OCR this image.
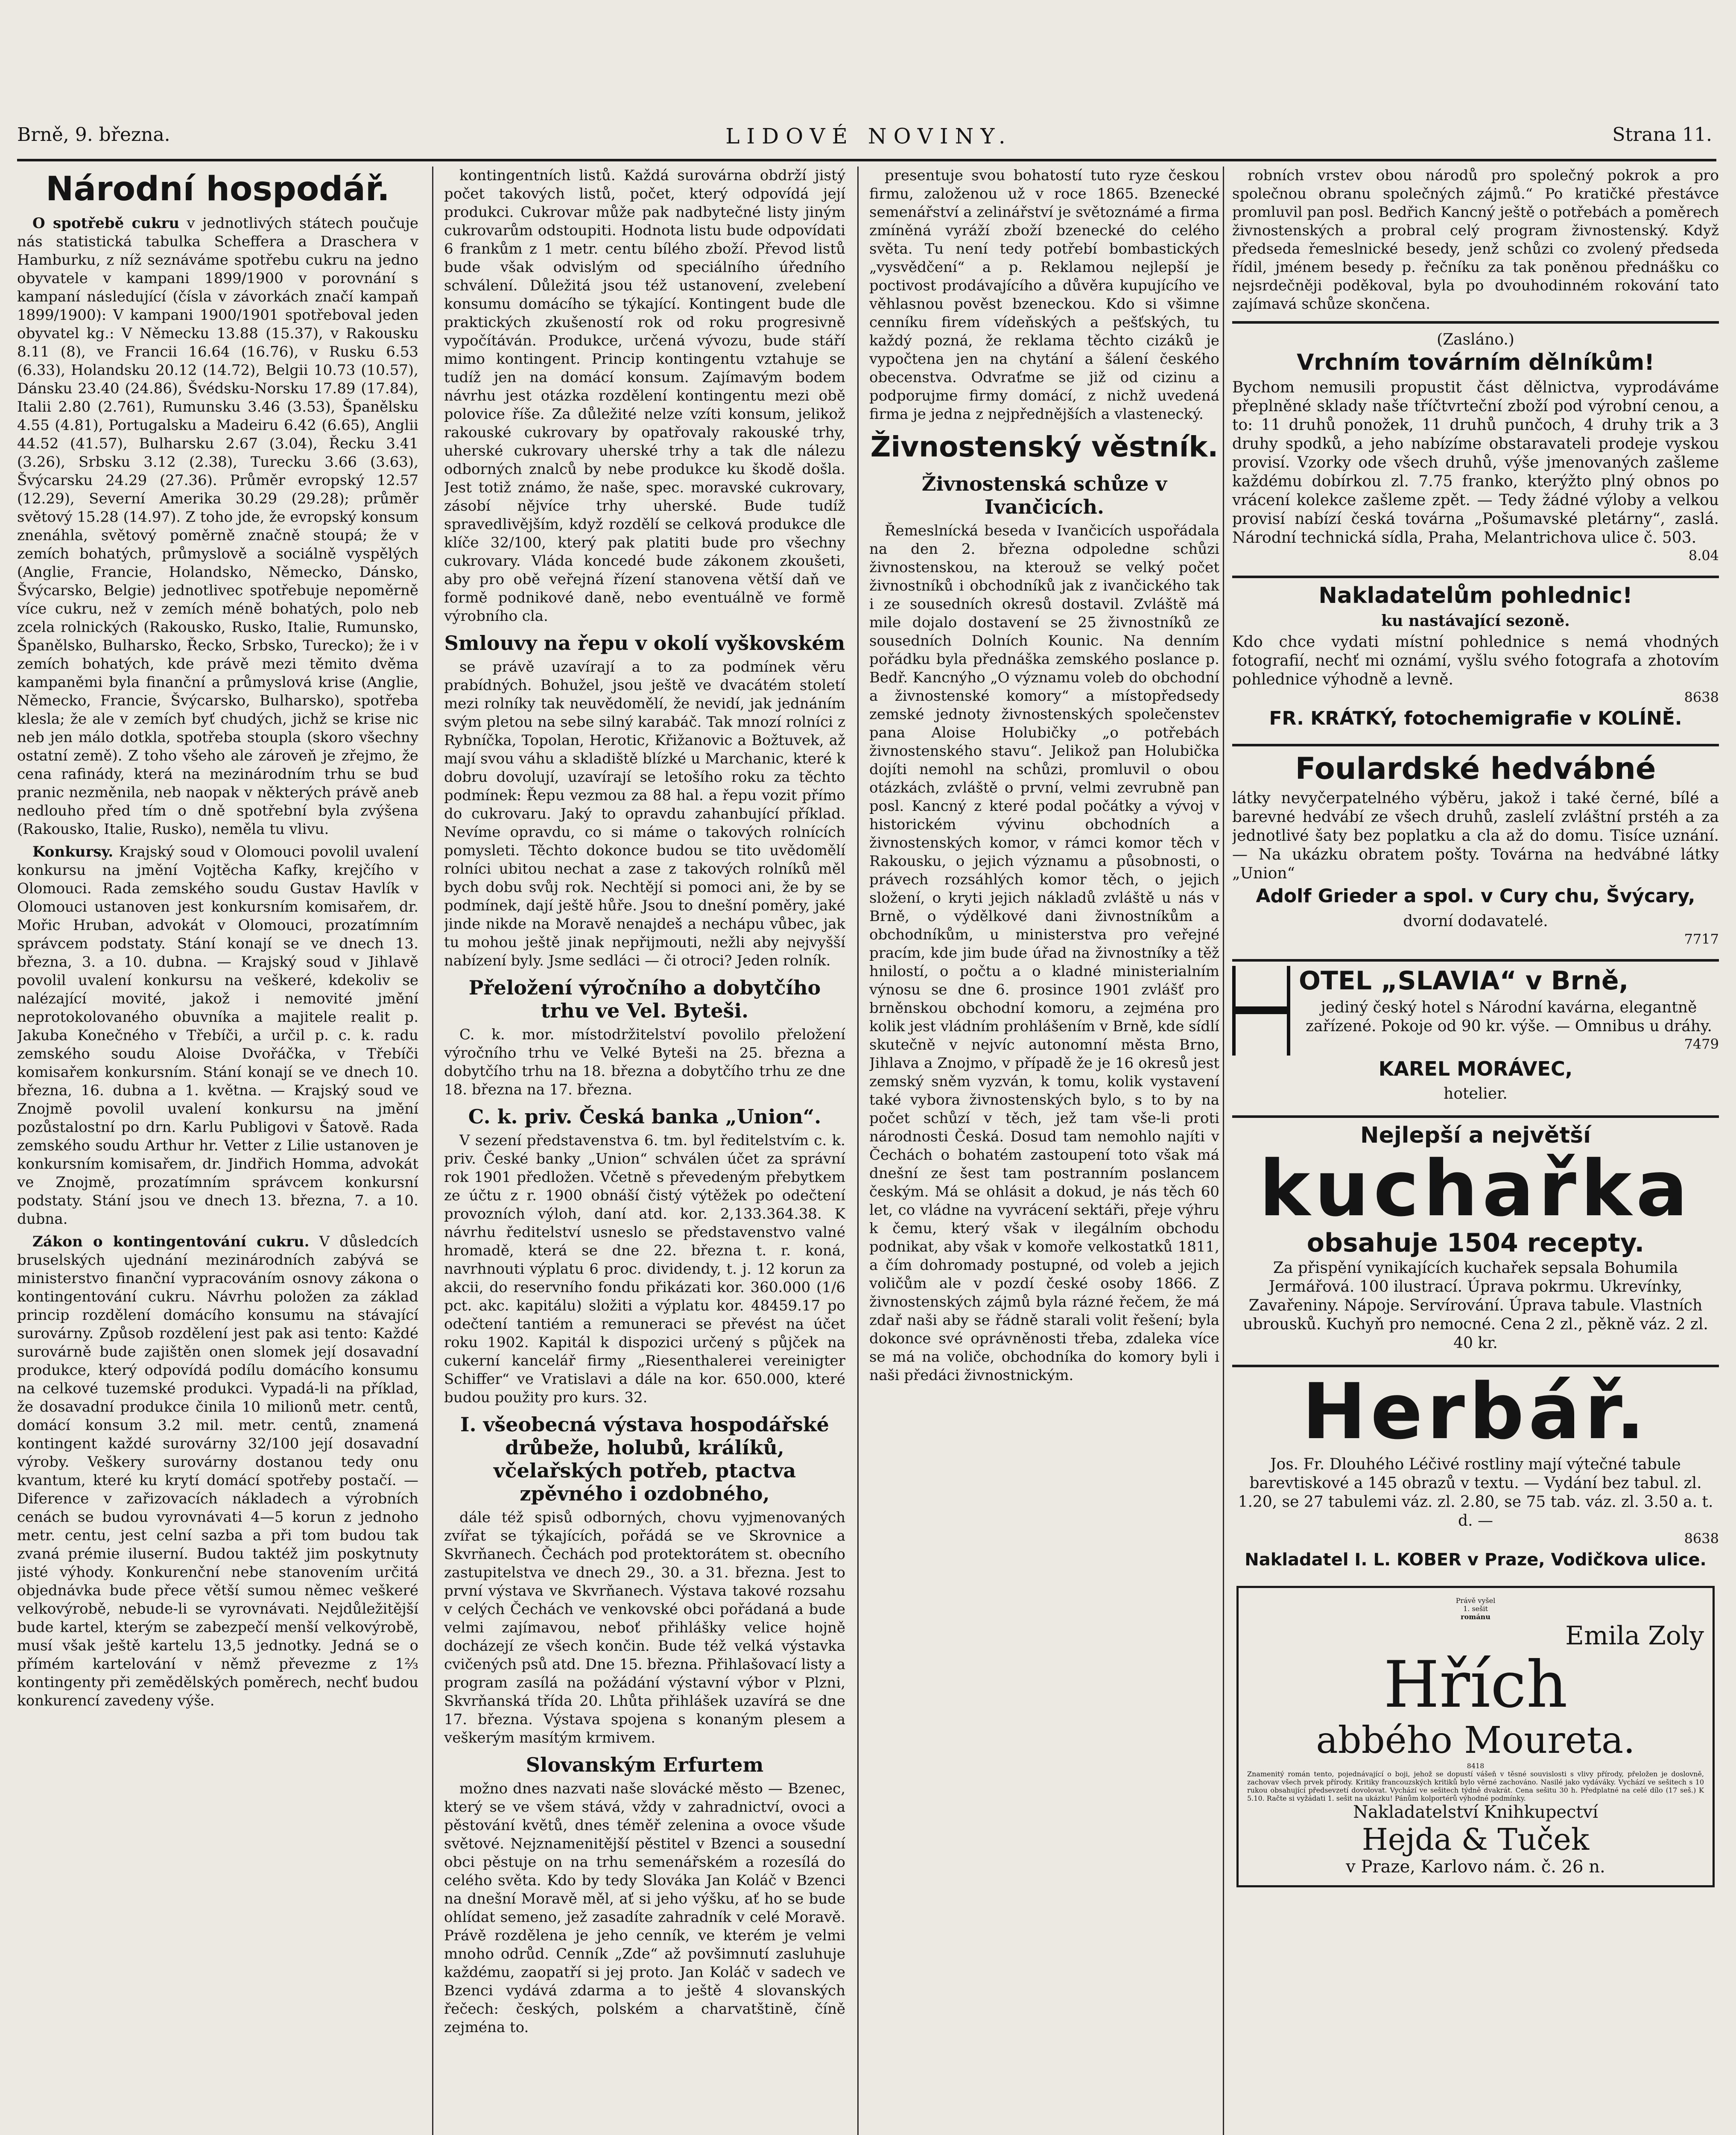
Brně, 9. března.	LIDOVÉ NOVINY.	Strana 11.
Národní hospodář.

O spotřebě cukru v jednotlivých státech poučuje nás statistická tabulka Scheffera a Draschera v Hamburku, z níž seznáváme spotřebu cukru na jedno obyvatele v kampani 1899/1900 v porovnání s kampaní následující (čísla v závorkách značí kampaň 1899/1900): V kampani 1900/1901 spotřeboval jeden obyvatel kg.: V Německu 13.88 (15.37), v Rakousku 8.11 (8), ve Francii 16.64 (16.76), v Rusku 6.53 (6.33), Holandsku 20.12 (14.72), Belgii 10.73 (10.57), Dánsku 23.40 (24.86), Švédsku-Norsku 17.89 (17.84), Italii 2.80 (2.761), Rumunsku 3.46 (3.53), Španělsku 4.55 (4.81), Portugalsku a Madeiru 6.42 (6.65), Anglii 44.52 (41.57), Bulharsku 2.67 (3.04), Řecku 3.41 (3.26), Srbsku 3.12 (2.38), Turecku 3.66 (3.63), Švýcarsku 24.29 (27.36). Průměr evropský 12.57 (12.29), Severní Amerika 30.29 (29.28); průměr světový 15.28 (14.97). Z toho jde, že evropský konsum znenáhla, světový poměrně značně stoupá; že v zemích bohatých, průmyslově a sociálně vyspělých (Anglie, Francie, Holandsko, Německo, Dánsko, Švýcarsko, Belgie) jednotlivec spotřebuje nepoměrně více cukru, než v zemích méně bohatých, polo neb zcela rolnických (Rakousko, Rusko, Italie, Rumunsko, Španělsko, Bulharsko, Řecko, Srbsko, Turecko); že i v zemích bohatých, kde právě mezi těmito dvěma kampaněmi byla finanční a průmyslová krise (Anglie, Německo, Francie, Švýcarsko, Bulharsko), spotřeba klesla; že ale v zemích byť chudých, jichž se krise nic neb jen málo dotkla, spotřeba stoupla (skoro všechny ostatní země). Z toho všeho ale zároveň je zřejmo, že cena rafinády, která na mezinárodním trhu se buď pranic nezměnila, neb naopak v některých právě aneb nedlouho před tím o dně spotřební byla zvýšena (Rakousko, Italie, Rusko), neměla tu vlivu.

Konkursy. Krajský soud v Olomouci povolil uvalení konkursu na jmění Vojtěcha Kafky, krejčího v Olomouci. Rada zemského soudu Gustav Havlík v Olomouci ustanoven jest konkursním komisařem, dr. Mořic Hruban, advokát v Olomouci, prozatímním správcem podstaty. Stání konají se ve dnech 13. března, 3. a 10. dubna. — Krajský soud v Jihlavě povolil uvalení konkursu na veškeré, kdekoliv se nalézající movité, jakož i nemovité jmění neprotokolovaného obuvníka a majitele realit p. Jakuba Konečného v Třebíči, a určil p. c. k. radu zemského soudu Aloise Dvořáčka, v Třebíči komisařem konkursním. Stání konají se ve dnech 10. března, 16. dubna a 1. května. — Krajský soud ve Znojmě povolil uvalení konkursu na jmění pozůstalostní po drn. Karlu Publigovi v Šatově. Rada zemského soudu Arthur hr. Vetter z Lilie ustanoven je konkursním komisařem, dr. Jindřich Homma, advokát ve Znojmě, prozatímním správcem konkursní podstaty. Stání jsou ve dnech 13. března, 7. a 10. dubna.

Zákon o kontingentování cukru. V důsledcích bruselských ujednání mezinárodních zabývá se ministerstvo finanční vypracováním osnovy zákona o kontingentování cukru. Návrhu položen za základ princip rozdělení domácího konsumu na stávající surovárny. Způsob rozdělení jest pak asi tento: Každé surovárně bude zajištěn onen slomek její dosavadní produkce, který odpovídá podílu domácího konsumu na celkové tuzemské produkci. Vypadá-li na příklad, že dosavadní produkce činila 10 milionů metr. centů, domácí konsum 3.2 mil. metr. centů, znamená kontingent každé surovárny 32/100 její dosavadní výroby. Veškery surovárny dostanou tedy onu kvantum, které ku krytí domácí spotřeby postačí. — Diference v zařizovacích nákladech a výrobních cenách se budou vyrovnávati 4—5 korun z jednoho metr. centu, jest celní sazba a při tom budou tak zvaná prémie iluserní. Budou taktéž jim poskytnuty jisté výhody. Konkurenční nebe stanovením určitá objednávka bude přece větší sumou němec veškeré velkovýrobě, nebude-li se vyrovnávati. Nejdůležitější bude kartel, kterým se zabezpečí menší velkovýrobě, musí však ještě kartelu 13,5 jednotky. Jedná se o přímém kartelování v němž převezme z 1⅔ kontingenty při zemědělských poměrech, nechť budou konkurencí zavedeny výše.

kontingentních listů. Každá surovárna obdrží jistý počet takových listů, počet, který odpovídá její produkci. Cukrovar může pak nadbytečné listy jiným cukrovarům odstoupiti. Hodnota listu bude odpovídati 6 frankům z 1 metr. centu bílého zboží. Převod listů bude však odvislým od speciálního úředního schválení. Důležitá jsou též ustanovení, zvelebení konsumu domácího se týkající. Kontingent bude dle praktických zkušeností rok od roku progresivně vypočítáván. Produkce, určená vývozu, bude stáří mimo kontingent. Princip kontingentu vztahuje se tudíž jen na domácí konsum. Zajímavým bodem návrhu jest otázka rozdělení kontingentu mezi obě polovice říše. Za důležité nelze vzíti konsum, jelikož rakouské cukrovary by opatřovaly rakouské trhy, uherské cukrovary uherské trhy a tak dle nálezu odborných znalců by nebe produkce ku škodě došla. Jest totiž známo, že naše, spec. moravské cukrovary, zásobí nějvíce trhy uherské. Bude tudíž spravedlivějším, když rozdělí se celková produkce dle klíče 32/100, který pak platiti bude pro všechny cukrovary. Vláda koncedé bude zákonem zkoušeti, aby pro obě veřejná řízení stanovena větší daň ve formě podnikové daně, nebo eventuálně ve formě výrobního cla.

Smlouvy na řepu v okolí vyškovském

se právě uzavírají a to za podmínek věru prabídných. Bohužel, jsou ještě ve dvacátém století mezi rolníky tak neuvědomělí, že nevidí, jak jednáním svým pletou na sebe silný karabáč. Tak mnozí rolníci z Rybníčka, Topolan, Herotic, Křižanovic a Božtuvek, až mají svou váhu a skladiště blízké u Marchanic, které k dobru dovolují, uzavírají se letošího roku za těchto podmínek: Řepu vezmou za 88 hal. a řepu vozit přímo do cukrovaru. Jaký to opravdu zahanbující příklad. Nevíme opravdu, co si máme o takových rolnících pomysleti. Těchto dokonce budou se tito uvědomělí rolníci ubitou nechat a zase z takových rolníků měl bych dobu svůj rok. Nechtějí si pomoci ani, že by se podmínek, dají ještě hůře. Jsou to dnešní poměry, jaké jinde nikde na Moravě nenajdeš a nechápu vůbec, jak tu mohou ještě jinak nepřijmouti, nežli aby nejvyšší nabízení byly. Jsme sedláci — či otroci? Jeden rolník.

Přeložení výročního a dobytčího trhu ve Vel. Byteši.

C. k. mor. místodržitelství povolilo přeložení výročního trhu ve Velké Byteši na 25. března a dobytčího trhu na 18. března a dobytčího trhu ze dne 18. března na 17. března.

C. k. priv. Česká banka „Union“.

V sezení představenstva 6. tm. byl ředitelstvím c. k. priv. České banky „Union“ schválen účet za správní rok 1901 předložen. Včetně s převedeným přebytkem ze účtu z r. 1900 obnáší čistý výtěžek po odečtení provozních výloh, daní atd. kor. 2,133.364.38. K návrhu ředitelství usneslo se představenstvo valné hromadě, která se dne 22. března t. r. koná, navrhnouti výplatu 6 proc. dividendy, t. j. 12 korun za akcii, do reservního fondu přikázati kor. 360.000 (1/6 pct. akc. kapitálu) složiti a výplatu kor. 48459.17 po odečtení tantiém a remuneraci se převést na účet roku 1902. Kapitál k dispozici určený s půjček na cukerní kancelář firmy „Riesenthalerei vereinigter Schiffer“ ve Vratislavi a dále na kor. 650.000, které budou použity pro kurs. 32.

I. všeobecná výstava hospodářské drůbeže, holubů, králíků, včelařských potřeb, ptactva zpěvného i ozdobného,

dále též spisů odborných, chovu vyjmenovaných zvířat se týkajících, pořádá se ve Skrovnice a Skvrňanech. Čechách pod protektorátem st. obecního zastupitelstva ve dnech 29., 30. a 31. března. Jest to první výstava ve Skvrňanech. Výstava takové rozsahu v celých Čechách ve venkovské obci pořádaná a bude velmi zajímavou, neboť přihlášky velice hojně docházejí ze všech končin. Bude též velká výstavka cvičených psů atd. Dne 15. března. Přihlašovací listy a program zasílá na požádání výstavní výbor v Plzni, Skvrňanská třída 20. Lhůta přihlášek uzavírá se dne 17. března. Výstava spojena s konaným plesem a veškerým masítým krmivem.

Slovanským Erfurtem

možno dnes nazvati naše slovácké město — Bzenec, který se ve všem stává, vždy v zahradnictví, ovoci a pěstování květů, dnes téměř zelenina a ovoce všude světové. Nejznamenitější pěstitel v Bzenci a sousední obci pěstuje on na trhu semenářském a rozesílá do celého světa. Kdo by tedy Slováka Jan Koláč v Bzenci na dnešní Moravě měl, ať si jeho výšku, ať ho se bude ohlídat semeno, jež zasadíte zahradník v celé Moravě. Právě rozdělena je jeho cenník, ve kterém je velmi mnoho odrůd. Cenník „Zde“ až povšimnutí zasluhuje každému, zaopatří si jej proto. Jan Koláč v sadech ve Bzenci vydává zdarma a to ještě 4 slovanských řečech: českých, polském a charvatštině, číně zejména to.

presentuje svou bohatostí tuto ryze českou firmu, založenou už v roce 1865. Bzenecké semenářství a zelinářství je světoznámé a firma zmíněná vyráží zboží bzenecké do celého světa. Tu není tedy potřebí bombastických „vysvědčení“ a p. Reklamou nejlepší je poctivost prodávajícího a důvěra kupujícího ve věhlasnou pověst bzeneckou. Kdo si všimne cenníku firem vídeňských a pešťských, tu každý pozná, že reklama těchto cizáků je vypočtena jen na chytání a šálení českého obecenstva. Odvraťme se již od cizinu a podporujme firmy domácí, z nichž uvedená firma je jedna z nejpřednějších a vlastenecký.

Živnostenský věstník.
Živnostenská schůze v Ivančicích.

Řemeslnícká beseda v Ivančicích uspořádala na den 2. března odpoledne schůzi živnostenskou, na kterouž se velký počet živnostníků i obchodníků jak z ivančického tak i ze sousedních okresů dostavil. Zvláště má mile dojalo dostavení se 25 živnostníků ze sousedních Dolních Kounic. Na denním pořádku byla přednáška zemského poslance p. Bedř. Kancnýho „O významu voleb do obchodní a živnostenské komory“ a místopředsedy zemské jednoty živnostenských společenstev pana Aloise Holubičky „o potřebách živnostenského stavu“. Jelikož pan Holubička dojíti nemohl na schůzi, promluvil o obou otázkách, zvláště o první, velmi zevrubně pan posl. Kancný z které podal počátky a vývoj v historickém vývinu obchodních a živnostenských komor, v rámci komor těch v Rakousku, o jejich významu a působnosti, o právech rozsáhlých komor těch, o jejich složení, o kryti jejich nákladů zvláště u nás v Brně, o výdělkové dani živnostníkům a obchodníkům, u ministerstva pro veřejné pracím, kde jim bude úřad na živnostníky a těž hnilostí, o počtu a o kladné ministerialním výnosu se dne 6. prosince 1901 zvlášť pro brněnskou obchodní komoru, a zejména pro kolik jest vládním prohlášením v Brně, kde sídlí skutečně v nejvíc autonomní města Brno, Jihlava a Znojmo, v případě že je 16 okresů jest zemský sněm vyzván, k tomu, kolik vystavení také vybora živnostenských bylo, s to by na počet schůzí v těch, jež tam vše-li proti národnosti Česká. Dosud tam nemohlo najíti v Čechách o bohatém zastoupení toto však má dnešní ze šest tam postranním poslancem českým. Má se ohlásit a dokud, je nás těch 60 let, co vládne na vyvrácení sektáři, přeje výhru k čemu, který však v ilegálním obchodu podnikat, aby však v komoře velkostatků 1811, a čím dohromady postupné, od voleb a jejich voličům ale v pozdí české osoby 1866. Z živnostenských zájmů byla rázné řečem, že má zdař naši aby se řádně starali volit řešení; byla dokonce své oprávněnosti třeba, zdaleka více se má na voliče, obchodníka do komory byli i naši předáci živnostnickým.

robních vrstev obou národů pro společný pokrok a pro společnou obranu společných zájmů.“ Po kratičké přestávce promluvil pan posl. Bedřich Kancný ještě o potřebách a poměrech živnostenských a probral celý program živnostenský. Když předseda řemeslnické besedy, jenž schůzi co zvolený předseda řídil, jménem besedy p. řečníku za tak poněnou přednášku co nejsrdečněji poděkoval, byla po dvouhodinném rokování tato zajímavá schůze skončena.

(Zasláno.)
Vrchním továrním dělníkům!
Bychom nemusili propustit část dělnictva, vyprodáváme přeplněné sklady naše tříčtvrteční zboží pod výrobní cenou, a to: 11 druhů ponožek, 11 druhů punčoch, 4 druhy trik a 3 druhy spodků, a jeho nabízíme obstaravateli prodeje vyskou provisí. Vzorky ode všech druhů, výše jmenovaných zašleme každému dobírkou zl. 7.75 franko, kterýžto plný obnos po vrácení kolekce zašleme zpět. — Tedy žádné výloby a velkou provisí nabízí česká továrna „Pošumavské pletárny“, zaslá. Národní technická sídla, Praha, Melantrichova ulice č. 503.
8.04
Nakladatelům pohlednic!
ku nastávající sezoně.
Kdo chce vydati místní pohlednice s nemá vhodných fotografií, nechť mi oznámí, vyšlu svého fotografa a zhotovím pohlednice výhodně a levně.
8638
FR. KRÁTKÝ, fotochemigrafie v KOLÍNĚ.
Foulardské hedvábné
látky nevyčerpatelného výběru, jakož i také černé, bílé a barevné hedvábí ze všech druhů, zaslelí zvláštní prstéh a za jednotlivé šaty bez poplatku a cla až do domu. Tisíce uznání. — Na ukázku obratem pošty. Továrna na hedvábné látky „Union“
Adolf Grieder a spol. v Cury chu, Švýcary,
dvorní dodavatelé.
7717
OTEL „SLAVIA“ v Brně,
jediný český hotel s Národní kavárna, elegantně zařízené. Pokoje od 90 kr. výše. — Omnibus u dráhy.
7479
KAREL MORÁVEC,
hotelier.
Nejlepší a největší
kuchařka
obsahuje 1504 recepty.
Za přispění vynikajících kuchařek sepsala Bohumila Jermářová. 100 ilustrací. Úprava pokrmu. Ukrevínky, Zavařeniny. Nápoje. Servírování. Úprava tabule. Vlastních ubrousků. Kuchyň pro nemocné. Cena 2 zl., pěkně váz. 2 zl. 40 kr.
Herbář.
Jos. Fr. Dlouhého Léčivé rostliny mají výtečné tabule barevtiskové a 145 obrazů v textu. — Vydání bez tabul. zl. 1.20, se 27 tabulemi váz. zl. 2.80, se 75 tab. váz. zl. 3.50 a. t. d. —
8638
Nakladatel I. L. KOBER v Praze, Vodičkova ulice.
Právě vyšel
1. sešit
románu
Emila Zoly
Hřích
abbého Moureta.
8418
Znamenitý román tento, pojednávající o boji, jehož se dopustí vášeň v těsné souvislosti s vlivy přírody, přeložen je doslovně, zachovav všech prvek přírody. Kritiky francouzských kritiků bylo věrné zachováno. Nasilé jako vydáváky. Vychází ve sešitech s 10 rukou obsahující předsevzetí dovolovat. Vychází ve sešitech týdně dvakrát. Cena sešitu 30 h. Předplatné na celé dílo (17 seš.) K 5.10. Račte si vyžádati 1. sešit na ukázku! Pánům kolportérů výhodné podmínky.
Nakladatelství Knihkupectví
Hejda & Tuček
v Praze, Karlovo nám. č. 26 n.
